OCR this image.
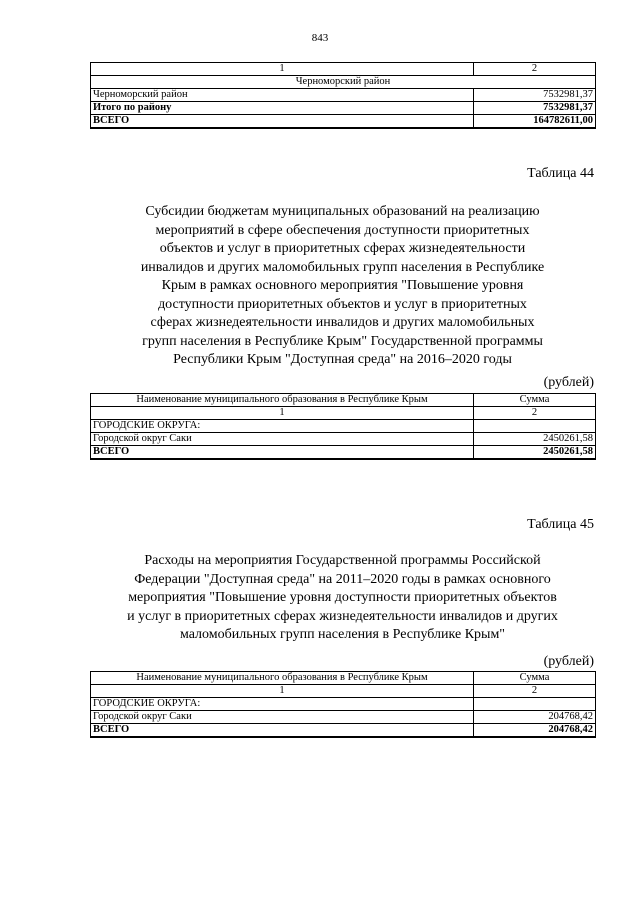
843
1	2
Черноморский район	
Черноморский район	7532981,37
Итого по району	7532981,37
ВСЕГО	164782611,00
Таблица 44
Субсидии бюджетам муниципальных образований на реализацию
мероприятий в сфере обеспечения доступности приоритетных
объектов и услуг в приоритетных сферах жизнедеятельности
инвалидов и других маломобильных групп населения в Республике
Крым в рамках основного мероприятия "Повышение уровня
доступности приоритетных объектов и услуг в приоритетных
сферах жизнедеятельности инвалидов и других маломобильных
групп населения в Республике Крым" Государственной программы
Республики Крым "Доступная среда" на 2016–2020 годы
(рублей)
Наименование муниципального образования в Республике Крым	Сумма
1	2
ГОРОДСКИЕ ОКРУГА:	
Городской округ Саки	2450261,58
ВСЕГО	2450261,58
Таблица 45
Расходы на мероприятия Государственной программы Российской
Федерации "Доступная среда" на 2011–2020 годы в рамках основного
мероприятия "Повышение уровня доступности приоритетных объектов
и услуг в приоритетных сферах жизнедеятельности инвалидов и других
маломобильных групп населения в Республике Крым"
(рублей)
Наименование муниципального образования в Республике Крым	Сумма
1	2
ГОРОДСКИЕ ОКРУГА:	
Городской округ Саки	204768,42
ВСЕГО	204768,42
